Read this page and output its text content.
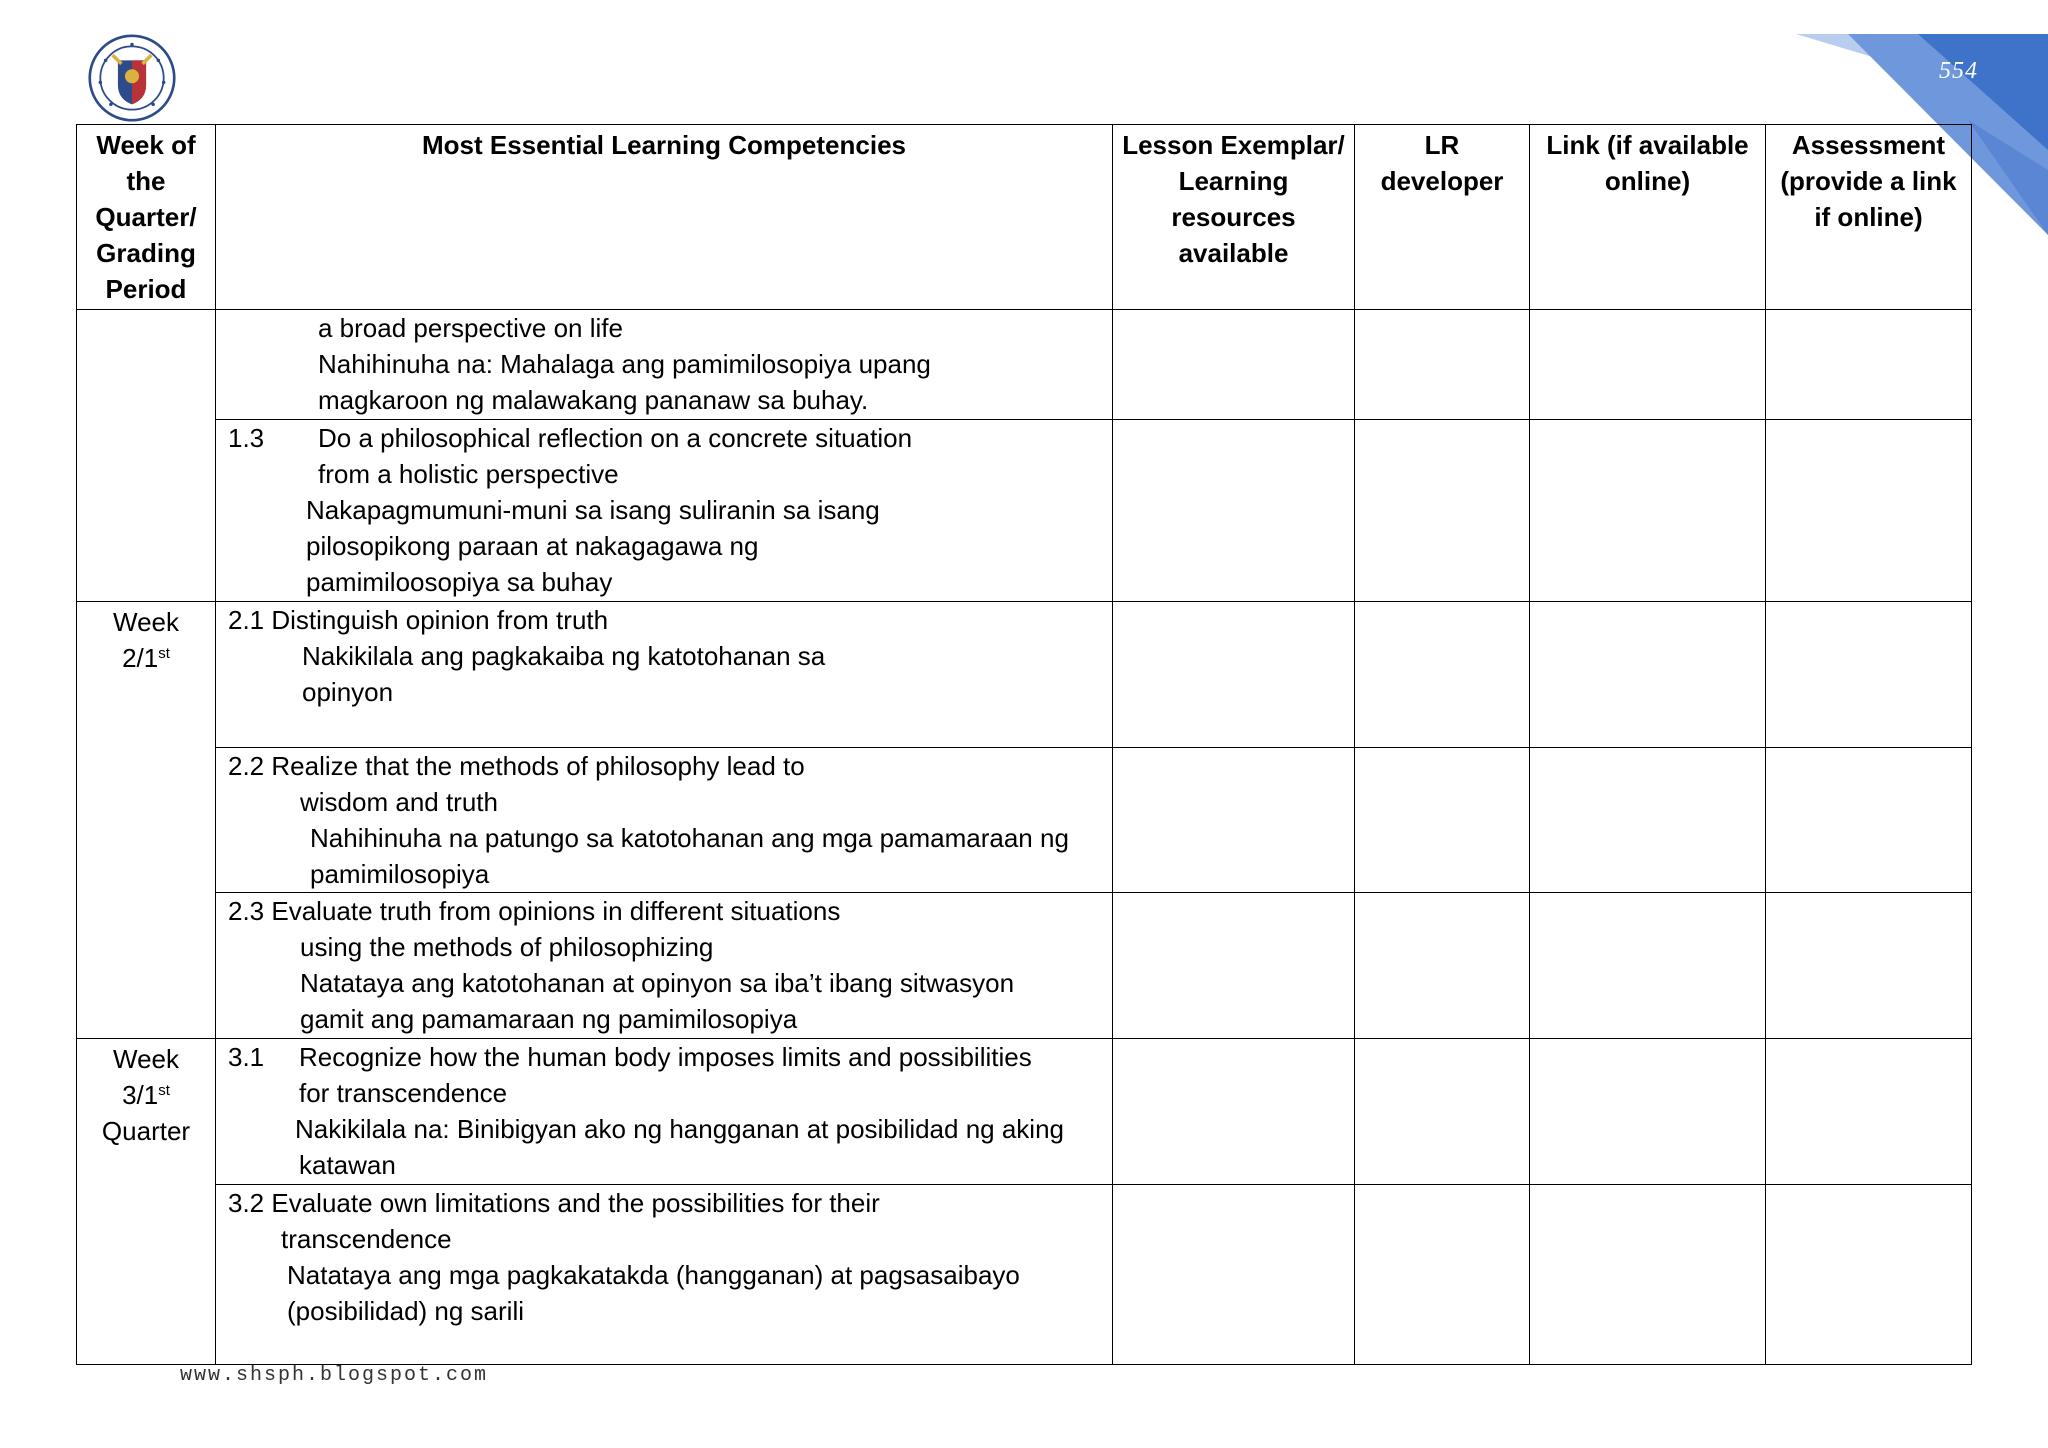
554
Week of the Quarter/ Grading Period	Most Essential Learning Competencies	Lesson Exemplar/ Learning resources available	LR developer	Link (if available online)	Assessment (provide a link if online)

	a broad perspective on life
Nahihinuha na: Mahalaga ang pamimilosopiya upang
magkaroon ng malawakang pananaw sa buhay.				

	1.3 Do a philosophical reflection on a concrete situation
from a holistic perspective
Nakapagmumuni-muni sa isang suliranin sa isang
pilosopikong paraan at nakagagawa ng
pamimiloosopiya sa buhay				

Week
2/1st	2.1 Distinguish opinion from truth
Nakikilala ang pagkakaiba ng katotohanan sa
opinyon				

	2.2 Realize that the methods of philosophy lead to
wisdom and truth
Nahihinuha na patungo sa katotohanan ang mga pamamaraan ng
pamimilosopiya				

	2.3 Evaluate truth from opinions in different situations
using the methods of philosophizing
Natataya ang katotohanan at opinyon sa iba’t ibang sitwasyon
gamit ang pamamaraan ng pamimilosopiya				

Week
3/1st
Quarter	3.1 Recognize how the human body imposes limits and possibilities
for transcendence
Nakikilala na: Binibigyan ako ng hangganan at posibilidad ng aking
katawan				

	3.2 Evaluate own limitations and the possibilities for their
transcendence
Natataya ang mga pagkakatakda (hangganan) at pagsasaibayo
(posibilidad) ng sarili				

www.shsph.blogspot.com
